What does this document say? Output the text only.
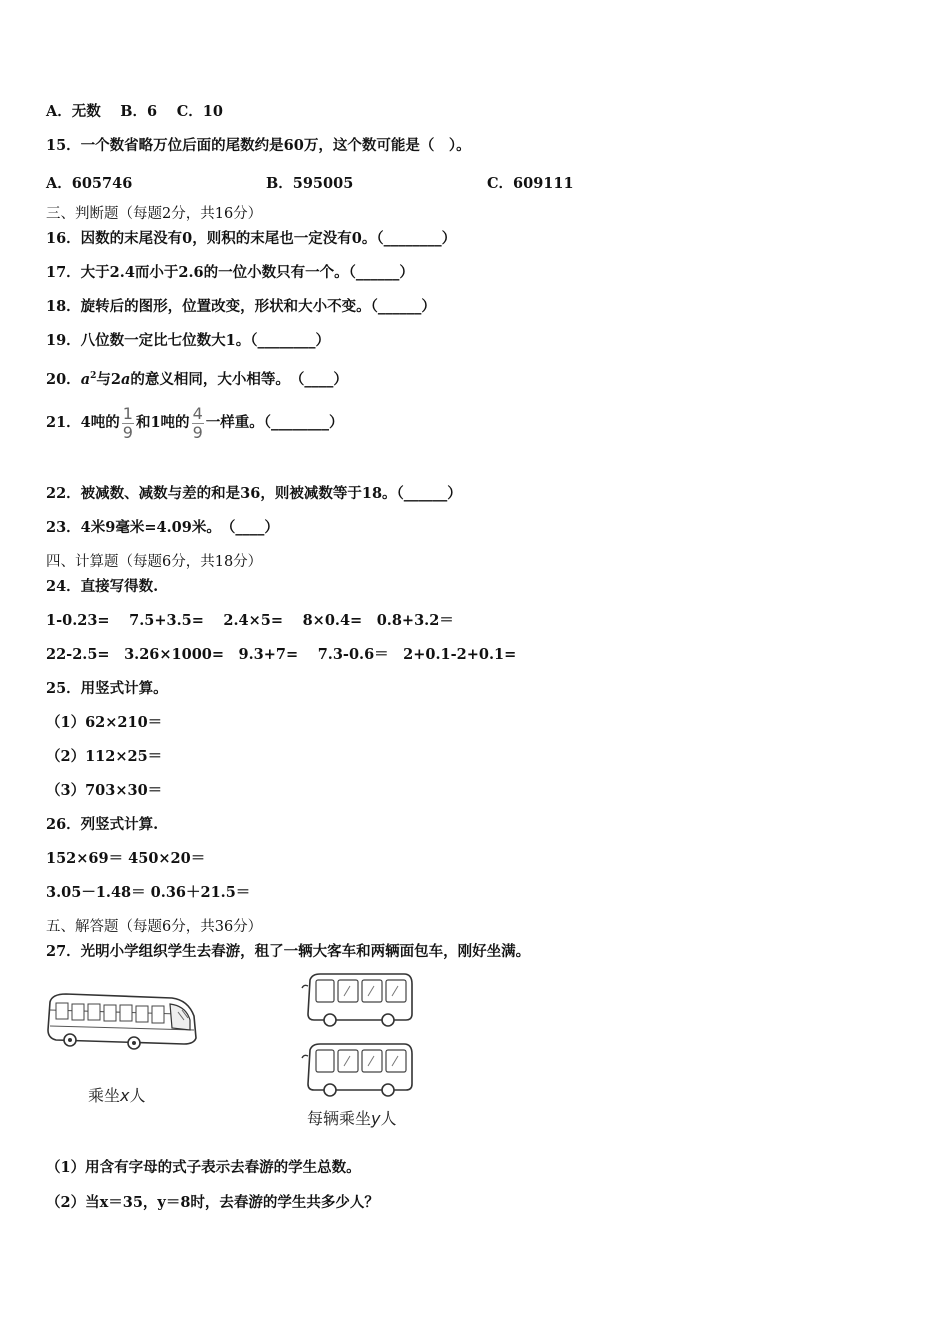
A．无数　 B．6　 C．10
15．一个数省略万位后面的尾数约是60万，这个数可能是（　）。
A．605746	B．595005	C．609111
三、判断题（每题2分，共16分）
16．因数的末尾没有0，则积的末尾也一定没有0。（________）
17．大于2.4而小于2.6的一位小数只有一个。（______）
18．旋转后的图形，位置改变，形状和大小不变。（______）
19．八位数一定比七位数大1。（________）
20．$a^2$与2a的意义相同，大小相等。　（____）
21．4吨的 $\frac{1}{9}$ 和1吨的 $\frac{4}{9}$ 一样重。（________）
22．被减数、减数与差的和是36，则被减数等于18。（______）
23．4米9毫米=4.09米。　（____）
四、计算题（每题6分，共18分）
24．直接写得数.
1-0.23=　 7.5+3.5=　 2.4×5=　 8×0.4=　0.8+3.2＝
22-2.5=　3.26×1000=　9.3+7=　 7.3-0.6＝　2+0.1-2+0.1=
25．用竖式计算。
（1）62×210＝
（2）112×25＝
（3）703×30＝
26．列竖式计算.
152×69＝ 450×20＝
3.05－1.48＝ 0.36＋21.5＝
五、解答题（每题6分，共36分）
27．光明小学组织学生去春游，租了一辆大客车和两辆面包车，刚好坐满。
乘坐x人
每辆乘坐y人
（1）用含有字母的式子表示去春游的学生总数。
（2）当x＝35，y＝8时，去春游的学生共多少人？
